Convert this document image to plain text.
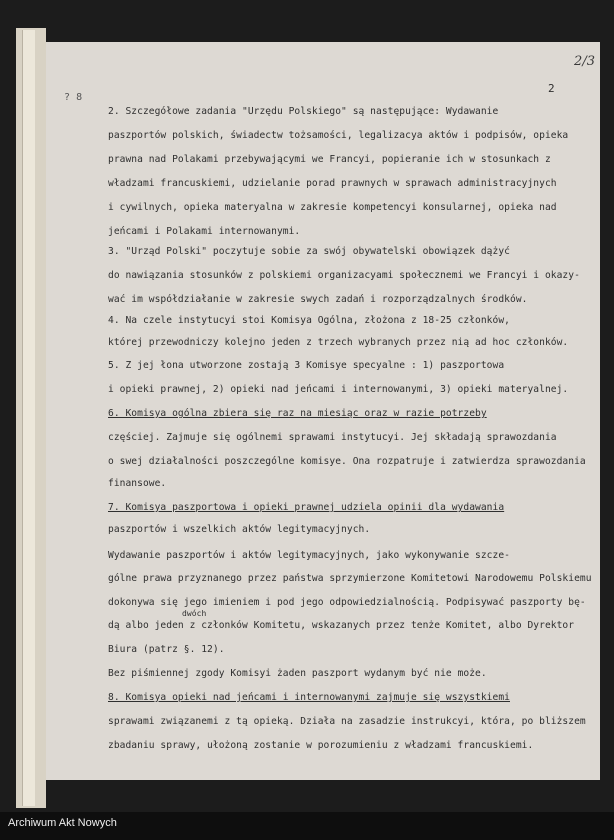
2/3
2
? 8
2. Szczegółowe zadania "Urzędu Polskiego" są następujące: Wydawanie
paszportów polskich, świadectw tożsamości, legalizacya aktów i podpisów, opieka
prawna nad Polakami przebywającymi we Francyi, popieranie ich w stosunkach z
władzami francuskiemi, udzielanie porad prawnych w sprawach administracyjnych
i cywilnych, opieka materyalna w zakresie kompetencyi konsularnej, opieka nad
jeńcami i Polakami internowanymi.
3. "Urząd Polski" poczytuje sobie za swój obywatelski obowiązek dążyć
do nawiązania stosunków z polskiemi organizacyami społecznemi we Francyi i okazy-
wać im współdziałanie w zakresie swych zadań i rozporządzalnych środków.
4. Na czele instytucyi stoi Komisya Ogólna, złożona z 18-25 członków,
której przewodniczy kolejno jeden z trzech wybranych przez nią ad hoc członków.
5. Z jej łona utworzone zostają 3 Komisye specyalne : 1) paszportowa
i opieki prawnej, 2) opieki nad jeńcami i internowanymi, 3) opieki materyalnej.
6. Komisya ogólna zbiera się raz na miesiąc oraz w razie potrzeby
częściej. Zajmuje się ogólnemi sprawami instytucyi. Jej składają sprawozdania
o swej działalności poszczególne komisye. Ona rozpatruje i zatwierdza sprawozdania
finansowe.
7. Komisya paszportowa i opieki prawnej udziela opinii dla wydawania
paszportów i wszelkich aktów legitymacyjnych.
Wydawanie paszportów i aktów legitymacyjnych, jako wykonywanie szcze-
gólne prawa przyznanego przez państwa sprzymierzone Komitetowi Narodowemu Polskiemu
dokonywa się jego imieniem i pod jego odpowiedzialnością. Podpisywać paszporty bę-
dwóch
dą albo jeden z członków Komitetu, wskazanych przez tenże Komitet, albo Dyrektor
Biura (patrz §. 12).
Bez piśmiennej zgody Komisyi żaden paszport wydanym być nie może.
8. Komisya opieki nad jeńcami i internowanymi zajmuje się wszystkiemi
sprawami związanemi z tą opieką. Działa na zasadzie instrukcyi, która, po bliższem
zbadaniu sprawy, ułożoną zostanie w porozumieniu z władzami francuskiemi.
Archiwum Akt Nowych
